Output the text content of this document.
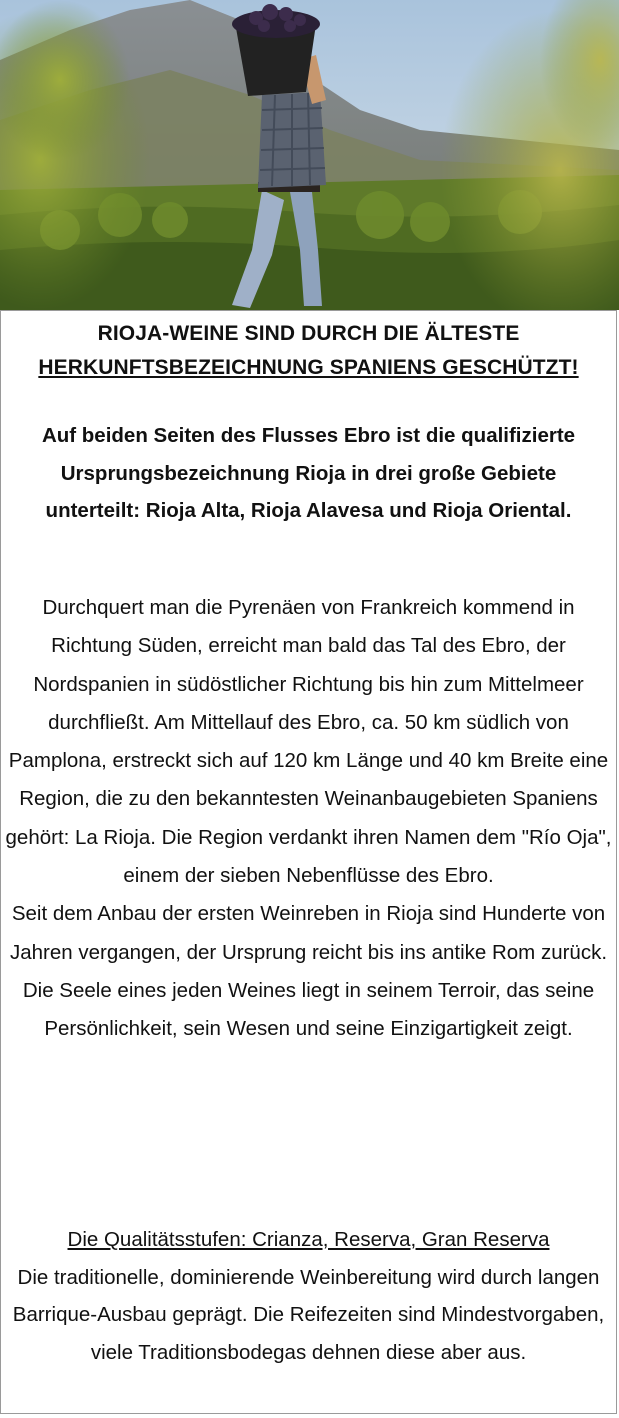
RIOJA-WEINE SIND DURCH DIE ÄLTESTE
HERKUNFTSBEZEICHNUNG SPANIENS GESCHÜTZT!

Auf beiden Seiten des Flusses Ebro ist die qualifizierte Ursprungsbezeichnung Rioja in drei große Gebiete unterteilt: Rioja Alta, Rioja Alavesa und Rioja Oriental.

Durchquert man die Pyrenäen von Frankreich kommend in Richtung Süden, erreicht man bald das Tal des Ebro, der Nordspanien in südöstlicher Richtung bis hin zum Mittelmeer durchfließt. Am Mittellauf des Ebro, ca. 50 km südlich von Pamplona, erstreckt sich auf 120 km Länge und 40 km Breite eine Region, die zu den bekanntesten Weinanbaugebieten Spaniens gehört: La Rioja. Die Region verdankt ihren Namen dem "Río Oja", einem der sieben Nebenflüsse des Ebro.

Seit dem Anbau der ersten Weinreben in Rioja sind Hunderte von Jahren vergangen, der Ursprung reicht bis ins antike Rom zurück.

Die Seele eines jeden Weines liegt in seinem Terroir, das seine Persönlichkeit, sein Wesen und seine Einzigartigkeit zeigt.

Die Qualitätsstufen: Crianza, Reserva, Gran Reserva
Die traditionelle, dominierende Weinbereitung wird durch langen Barrique-Ausbau geprägt. Die Reifezeiten sind Mindestvorgaben, viele Traditionsbodegas dehnen diese aber aus.
